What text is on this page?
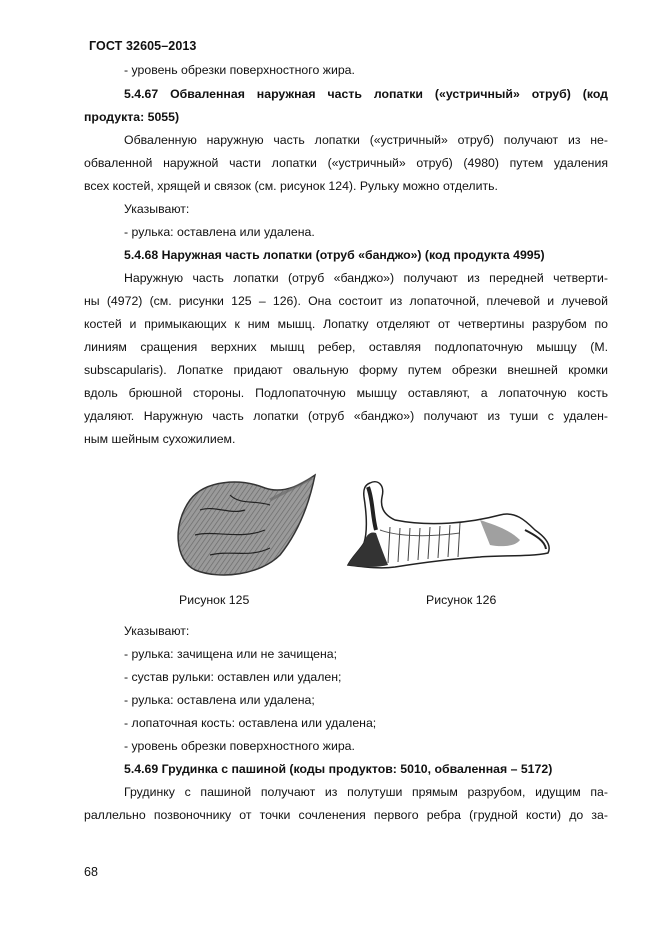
ГОСТ 32605–2013
- уровень обрезки поверхностного жира.
5.4.67 Обваленная наружная часть лопатки («устричный» отруб) (код
продукта: 5055)
Обваленную наружную часть лопатки («устричный» отруб) получают из не-
обваленной наружной части лопатки («устричный» отруб) (4980) путем удаления
всех костей, хрящей и связок (см. рисунок 124). Рульку можно отделить.
Указывают:
- рулька: оставлена или удалена.
5.4.68 Наружная часть лопатки (отруб «банджо») (код продукта 4995)
Наружную часть лопатки (отруб «банджо») получают из передней четверти-
ны (4972) (см. рисунки 125 – 126). Она состоит из лопаточной, плечевой и лучевой
костей и примыкающих к ним мышц. Лопатку отделяют от четвертины разрубом по
линиям сращения верхних мышц ребер, оставляя подлопаточную мышцу (M.
subscapularis). Лопатке придают овальную форму путем обрезки внешней кромки
вдоль брюшной стороны. Подлопаточную мышцу оставляют, а лопаточную кость
удаляют. Наружную часть лопатки (отруб «банджо») получают из туши с удален-
ным шейным сухожилием.
Рисунок 125	Рисунок 126
Указывают:
- рулька: зачищена или не зачищена;
- сустав рульки: оставлен или удален;
- рулька: оставлена или удалена;
- лопаточная кость: оставлена или удалена;
- уровень обрезки поверхностного жира.
5.4.69 Грудинка с пашиной (коды продуктов: 5010, обваленная – 5172)
Грудинку с пашиной получают из полутуши прямым разрубом, идущим па-
раллельно позвоночнику от точки сочленения первого ребра (грудной кости) до за-
68
